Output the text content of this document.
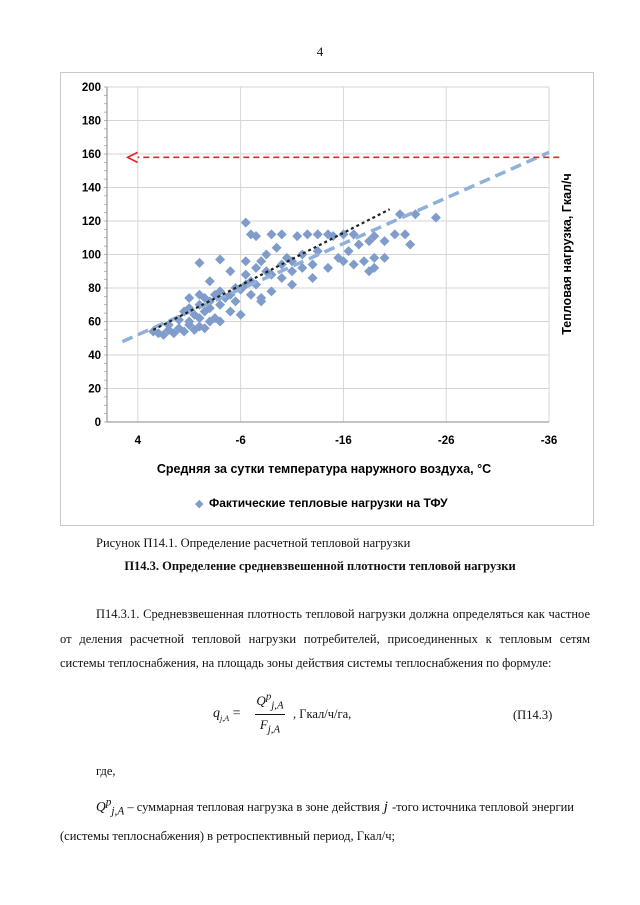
4
0
20
40
60
80
100
120
140
160
180
200
4	-6	-16	-26	-36
Тепловая нагрузка, Гкал/ч
Средняя за сутки температура наружного воздуха, °С
◆ Фактические тепловые нагрузки на ТФУ
Рисунок П14.1. Определение расчетной тепловой нагрузки
П14.3. Определение средневзвешенной плотности тепловой нагрузки
П14.3.1. Средневзвешенная плотность тепловой нагрузки должна определяться как частное от деления расчетной тепловой нагрузки потребителей, присоединенных к тепловым сетям системы теплоснабжения, на площадь зоны действия системы теплоснабжения по формуле:
$q_{j,A}$ =
$Q^р_{j,A}$
$F_{j,A}$
, Гкал/ч/га,	(П14.3)
где,
$Q^р_{j,A}$ – суммарная тепловая нагрузка в зоне действия j -того источника тепловой энергии
(системы теплоснабжения) в ретроспективный период, Гкал/ч;
